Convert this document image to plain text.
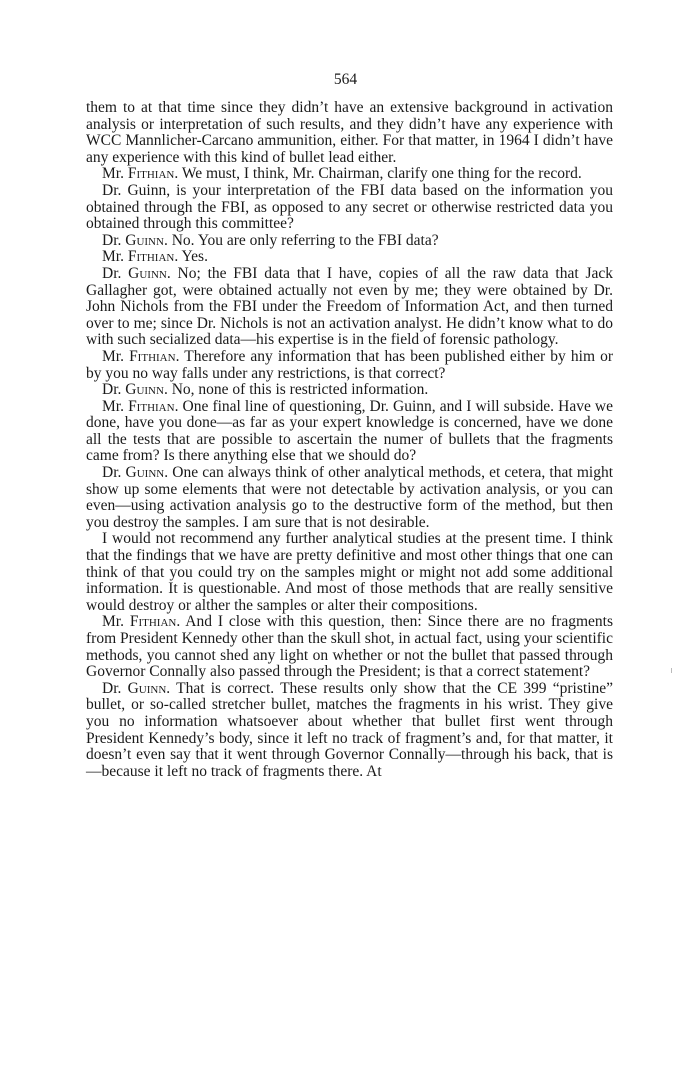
564

them to at that time since they didn’t have an extensive background in activation analysis or interpretation of such results, and they didn’t have any experience with WCC Mannlicher-Carcano ammunition, either. For that matter, in 1964 I didn’t have any experience with this kind of bullet lead either.

Mr. Fithian. We must, I think, Mr. Chairman, clarify one thing for the record.

Dr. Guinn, is your interpretation of the FBI data based on the information you obtained through the FBI, as opposed to any secret or otherwise restricted data you obtained through this committee?

Dr. Guinn. No. You are only referring to the FBI data?

Mr. Fithian. Yes.

Dr. Guinn. No; the FBI data that I have, copies of all the raw data that Jack Gallagher got, were obtained actually not even by me; they were obtained by Dr. John Nichols from the FBI under the Freedom of Information Act, and then turned over to me; since Dr. Nichols is not an activation analyst. He didn’t know what to do with such secialized data—his expertise is in the field of forensic pathology.

Mr. Fithian. Therefore any information that has been published either by him or by you no way falls under any restrictions, is that correct?

Dr. Guinn. No, none of this is restricted information.

Mr. Fithian. One final line of questioning, Dr. Guinn, and I will subside. Have we done, have you done—as far as your expert knowledge is concerned, have we done all the tests that are possible to ascertain the numer of bullets that the fragments came from? Is there anything else that we should do?

Dr. Guinn. One can always think of other analytical methods, et cetera, that might show up some elements that were not detectable by activation analysis, or you can even—using activation analysis go to the destructive form of the method, but then you destroy the samples. I am sure that is not desirable.

I would not recommend any further analytical studies at the present time. I think that the findings that we have are pretty definitive and most other things that one can think of that you could try on the samples might or might not add some additional information. It is questionable. And most of those methods that are really sensitive would destroy or alther the samples or alter their compositions.

Mr. Fithian. And I close with this question, then: Since there are no fragments from President Kennedy other than the skull shot, in actual fact, using your scientific methods, you cannot shed any light on whether or not the bullet that passed through Governor Connally also passed through the President; is that a correct statement?

Dr. Guinn. That is correct. These results only show that the CE 399 “pristine” bullet, or so-called stretcher bullet, matches the fragments in his wrist. They give you no information whatsoever about whether that bullet first went through President Kennedy’s body, since it left no track of fragment’s and, for that matter, it doesn’t even say that it went through Governor Connally—through his back, that is—because it left no track of fragments there. At
